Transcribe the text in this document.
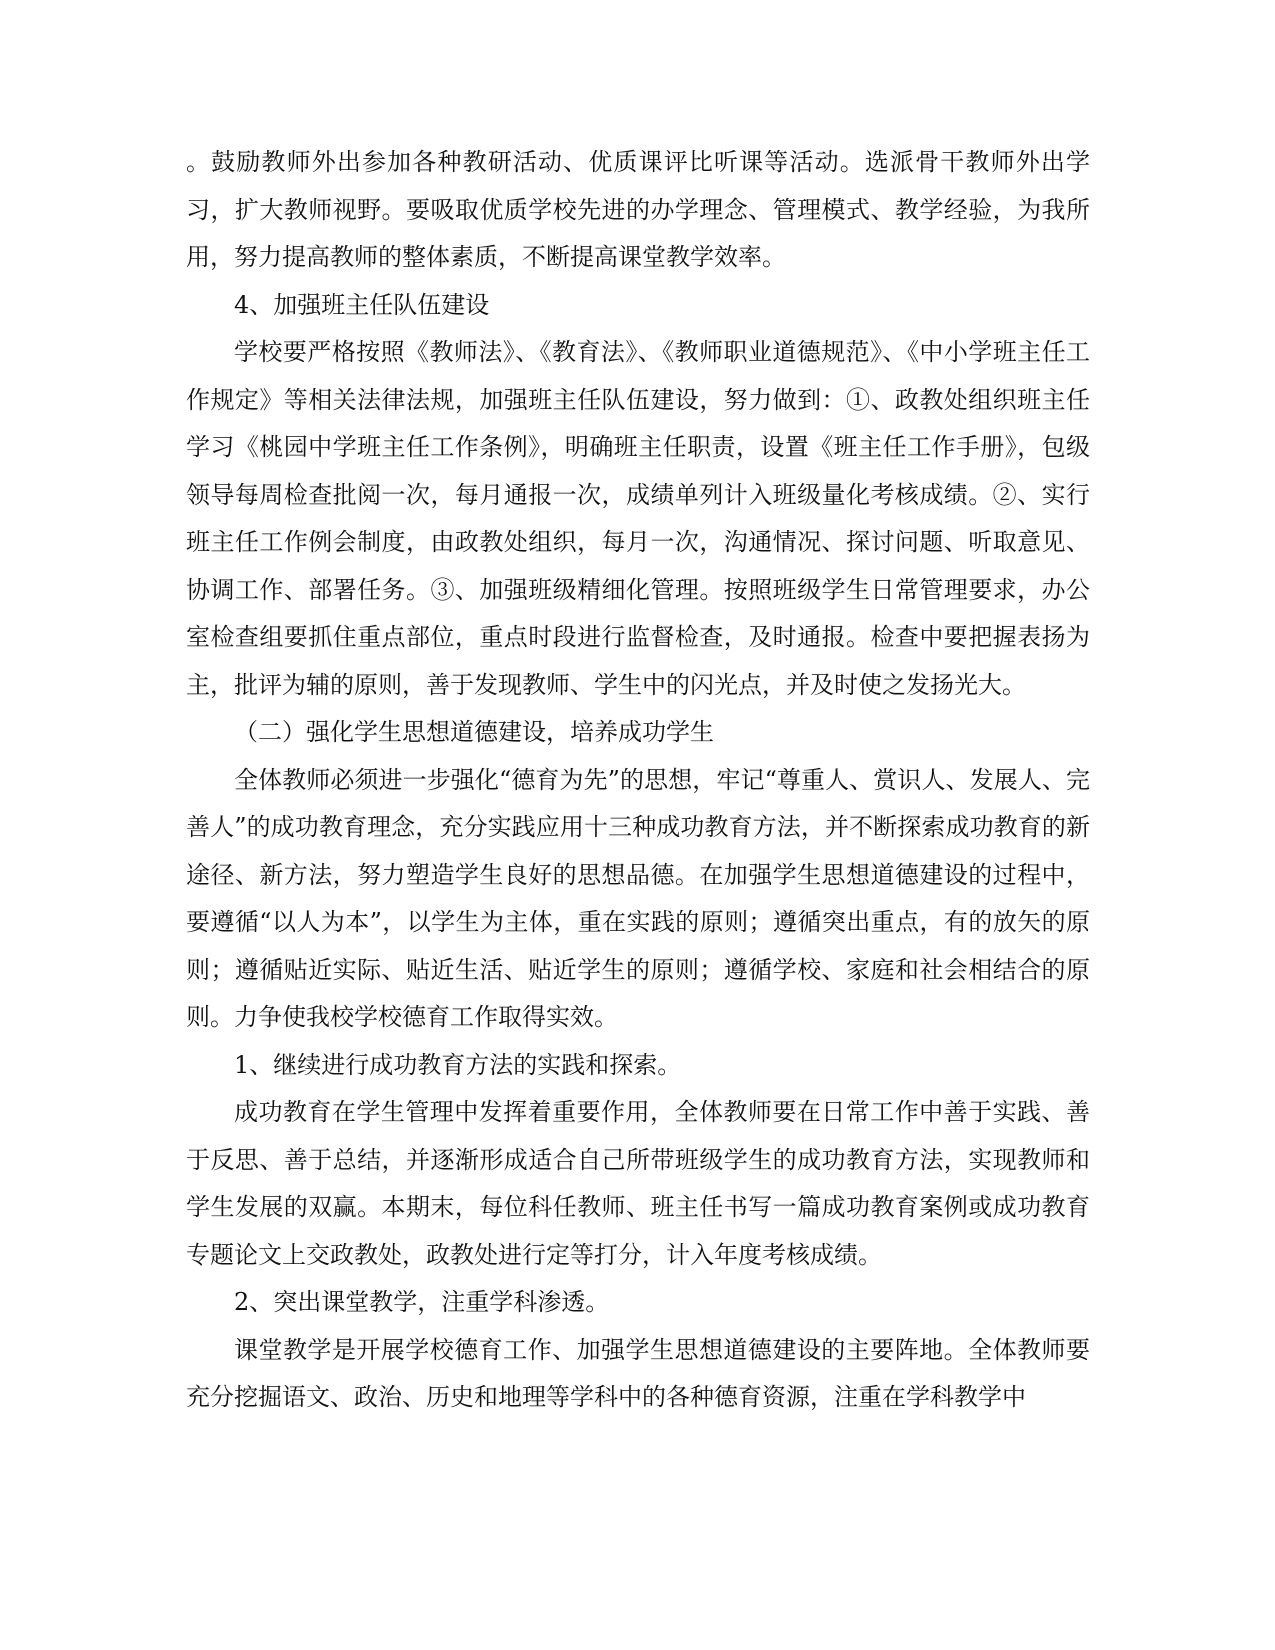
。鼓励教师外出参加各种教研活动、优质课评比听课等活动。选派骨干教师外出学习，扩大教师视野。要吸取优质学校先进的办学理念、管理模式、教学经验，为我所用，努力提高教师的整体素质，不断提高课堂教学效率。

4、加强班主任队伍建设

学校要严格按照《教师法》、《教育法》、《教师职业道德规范》、《中小学班主任工作规定》等相关法律法规，加强班主任队伍建设，努力做到：①、政教处组织班主任学习《桃园中学班主任工作条例》，明确班主任职责，设置《班主任工作手册》，包级领导每周检查批阅一次，每月通报一次，成绩单列计入班级量化考核成绩。②、实行班主任工作例会制度，由政教处组织，每月一次，沟通情况、探讨问题、听取意见、协调工作、部署任务。③、加强班级精细化管理。按照班级学生日常管理要求，办公室检查组要抓住重点部位，重点时段进行监督检查，及时通报。检查中要把握表扬为主，批评为辅的原则，善于发现教师、学生中的闪光点，并及时使之发扬光大。

（二）强化学生思想道德建设，培养成功学生

全体教师必须进一步强化“德育为先”的思想，牢记“尊重人、赏识人、发展人、完善人”的成功教育理念，充分实践应用十三种成功教育方法，并不断探索成功教育的新途径、新方法，努力塑造学生良好的思想品德。在加强学生思想道德建设的过程中，要遵循“以人为本”，以学生为主体，重在实践的原则；遵循突出重点，有的放矢的原则；遵循贴近实际、贴近生活、贴近学生的原则；遵循学校、家庭和社会相结合的原则。力争使我校学校德育工作取得实效。

1、继续进行成功教育方法的实践和探索。

成功教育在学生管理中发挥着重要作用，全体教师要在日常工作中善于实践、善于反思、善于总结，并逐渐形成适合自己所带班级学生的成功教育方法，实现教师和学生发展的双赢。本期末，每位科任教师、班主任书写一篇成功教育案例或成功教育专题论文上交政教处，政教处进行定等打分，计入年度考核成绩。

2、突出课堂教学，注重学科渗透。

课堂教学是开展学校德育工作、加强学生思想道德建设的主要阵地。全体教师要充分挖掘语文、政治、历史和地理等学科中的各种德育资源，注重在学科教学中
